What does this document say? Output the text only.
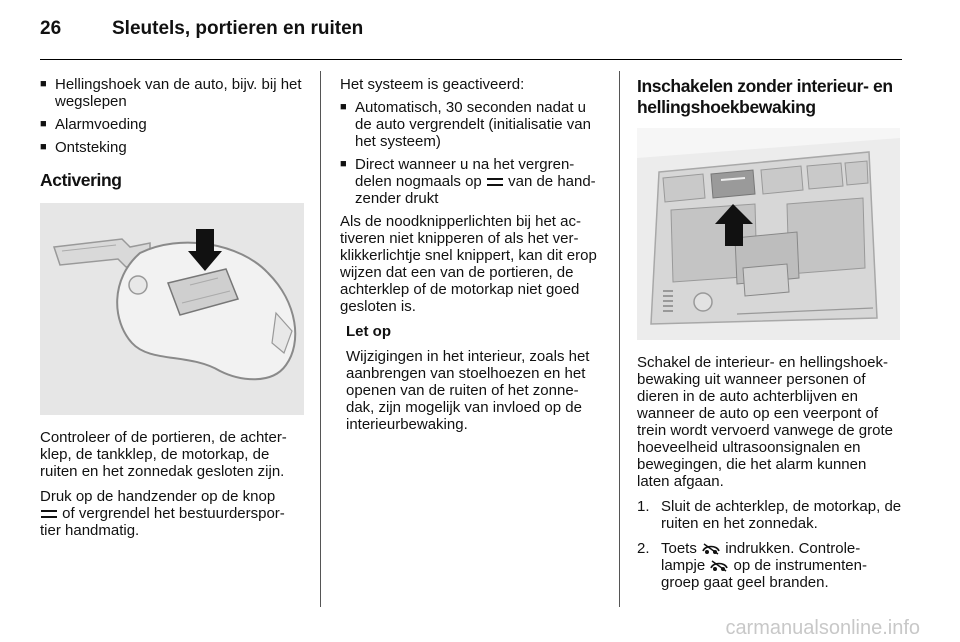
26	Sleutels, portieren en ruiten
■ Hellingshoek van de auto, bijv. bij het wegslepen
■ Alarmvoeding
■ Ontsteking
Activering

Controleer of de portieren, de achter-klep, de tankklep, de motorkap, de ruiten en het zonnedak gesloten zijn.

Druk op de handzender op de knop
of vergrendel het bestuurderspor-tier handmatig.

Het systeem is geactiveerd:

■ Automatisch, 30 seconden nadat u de auto vergrendelt (initialisatie van het systeem)
■ Direct wanneer u na het vergren-delen nogmaals op van de hand-zender drukt

Als de noodknipperlichten bij het ac-tiveren niet knipperen of als het ver-klikkerlichtje snel knippert, kan dit erop wijzen dat een van de portieren, de achterklep of de motorkap niet goed gesloten is.

Let op

Wijzigingen in het interieur, zoals het aanbrengen van stoelhoezen en het openen van de ruiten of het zonne-dak, zijn mogelijk van invloed op de interieurbewaking.

Inschakelen zonder interieur- en hellingshoekbewaking

Schakel de interieur- en hellingshoek-bewaking uit wanneer personen of dieren in de auto achterblijven en wanneer de auto op een veerpont of trein wordt vervoerd vanwege de grote hoeveelheid ultrasoonsignalen en bewegingen, die het alarm kunnen laten afgaan.

1. Sluit de achterklep, de motorkap, de ruiten en het zonnedak.
2. Toets indrukken. Controle-lampje op de instrumenten-groep gaat geel branden.
carmanualsonline.info
